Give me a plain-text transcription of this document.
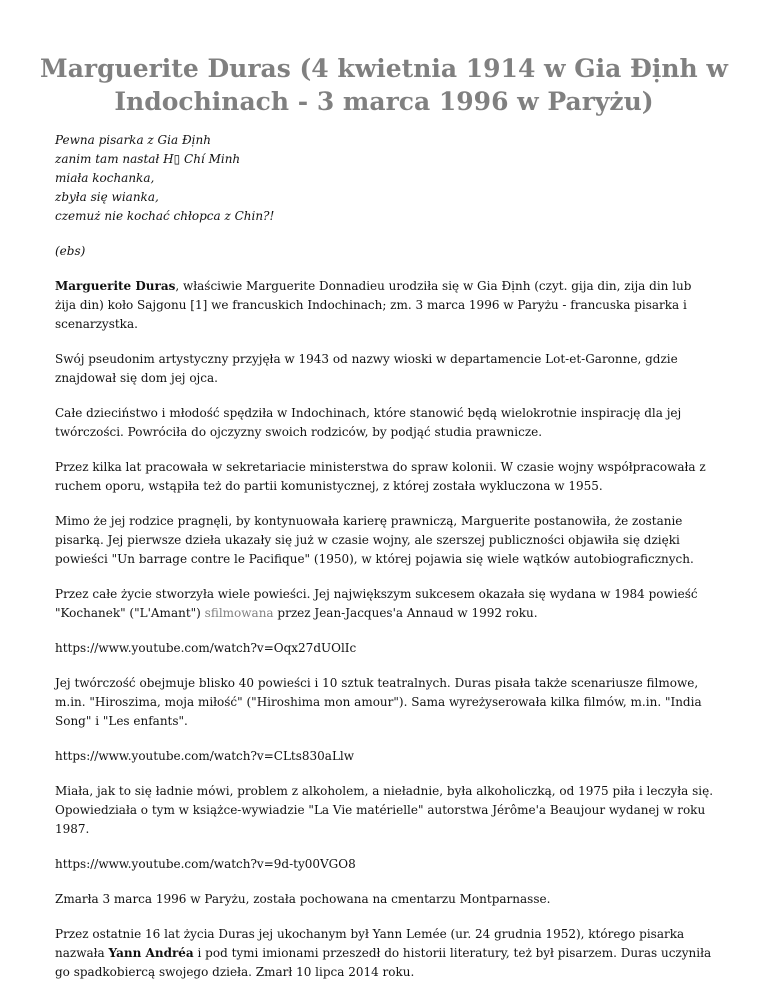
Marguerite Duras (4 kwietnia 1914 w Gia Định w Indochinach - 3 marca 1996 w Paryżu)
Pewna pisarka z Gia Định
zanim tam nastał H▯ Chí Minh
miała kochanka,
zbyła się wianka,
czemuż nie kochać chłopca z Chin?!

(ebs)

Marguerite Duras, właściwie Marguerite Donnadieu urodziła się w Gia Định (czyt. gija din, zija din lub żija din) koło Sajgonu [1] we francuskich Indochinach; zm. 3 marca 1996 w Paryżu - francuska pisarka i scenarzystka.

Swój pseudonim artystyczny przyjęła w 1943 od nazwy wioski w departamencie Lot-et-Garonne, gdzie znajdował się dom jej ojca.

Całe dzieciństwo i młodość spędziła w Indochinach, które stanowić będą wielokrotnie inspirację dla jej twórczości. Powróciła do ojczyzny swoich rodziców, by podjąć studia prawnicze.

Przez kilka lat pracowała w sekretariacie ministerstwa do spraw kolonii. W czasie wojny współpracowała z ruchem oporu, wstąpiła też do partii komunistycznej, z której została wykluczona w 1955.

Mimo że jej rodzice pragnęli, by kontynuowała karierę prawniczą, Marguerite postanowiła, że zostanie pisarką. Jej pierwsze dzieła ukazały się już w czasie wojny, ale szerszej publiczności objawiła się dzięki powieści "Un barrage contre le Pacifique" (1950), w której pojawia się wiele wątków autobiograficznych.

Przez całe życie stworzyła wiele powieści. Jej największym sukcesem okazała się wydana w 1984 powieść "Kochanek" ("L'Amant") sfilmowana przez Jean-Jacques'a Annaud w 1992 roku.

https://www.youtube.com/watch?v=Oqx27dUOlIc

Jej twórczość obejmuje blisko 40 powieści i 10 sztuk teatralnych. Duras pisała także scenariusze filmowe, m.in. "Hiroszima, moja miłość" ("Hiroshima mon amour"). Sama wyreżyserowała kilka filmów, m.in. "India Song" i "Les enfants".

https://www.youtube.com/watch?v=CLts830aLlw

Miała, jak to się ładnie mówi, problem z alkoholem, a nieładnie, była alkoholiczką, od 1975 piła i leczyła się. Opowiedziała o tym w książce-wywiadzie "La Vie matérielle" autorstwa Jérôme'a Beaujour wydanej w roku 1987.

https://www.youtube.com/watch?v=9d-ty00VGO8

Zmarła 3 marca 1996 w Paryżu, została pochowana na cmentarzu Montparnasse.

Przez ostatnie 16 lat życia Duras jej ukochanym był Yann Lemée (ur. 24 grudnia 1952), którego pisarka nazwała Yann Andréa i pod tymi imionami przeszedł do historii literatury, też był pisarzem. Duras uczyniła go spadkobiercą swojego dzieła. Zmarł 10 lipca 2014 roku.
